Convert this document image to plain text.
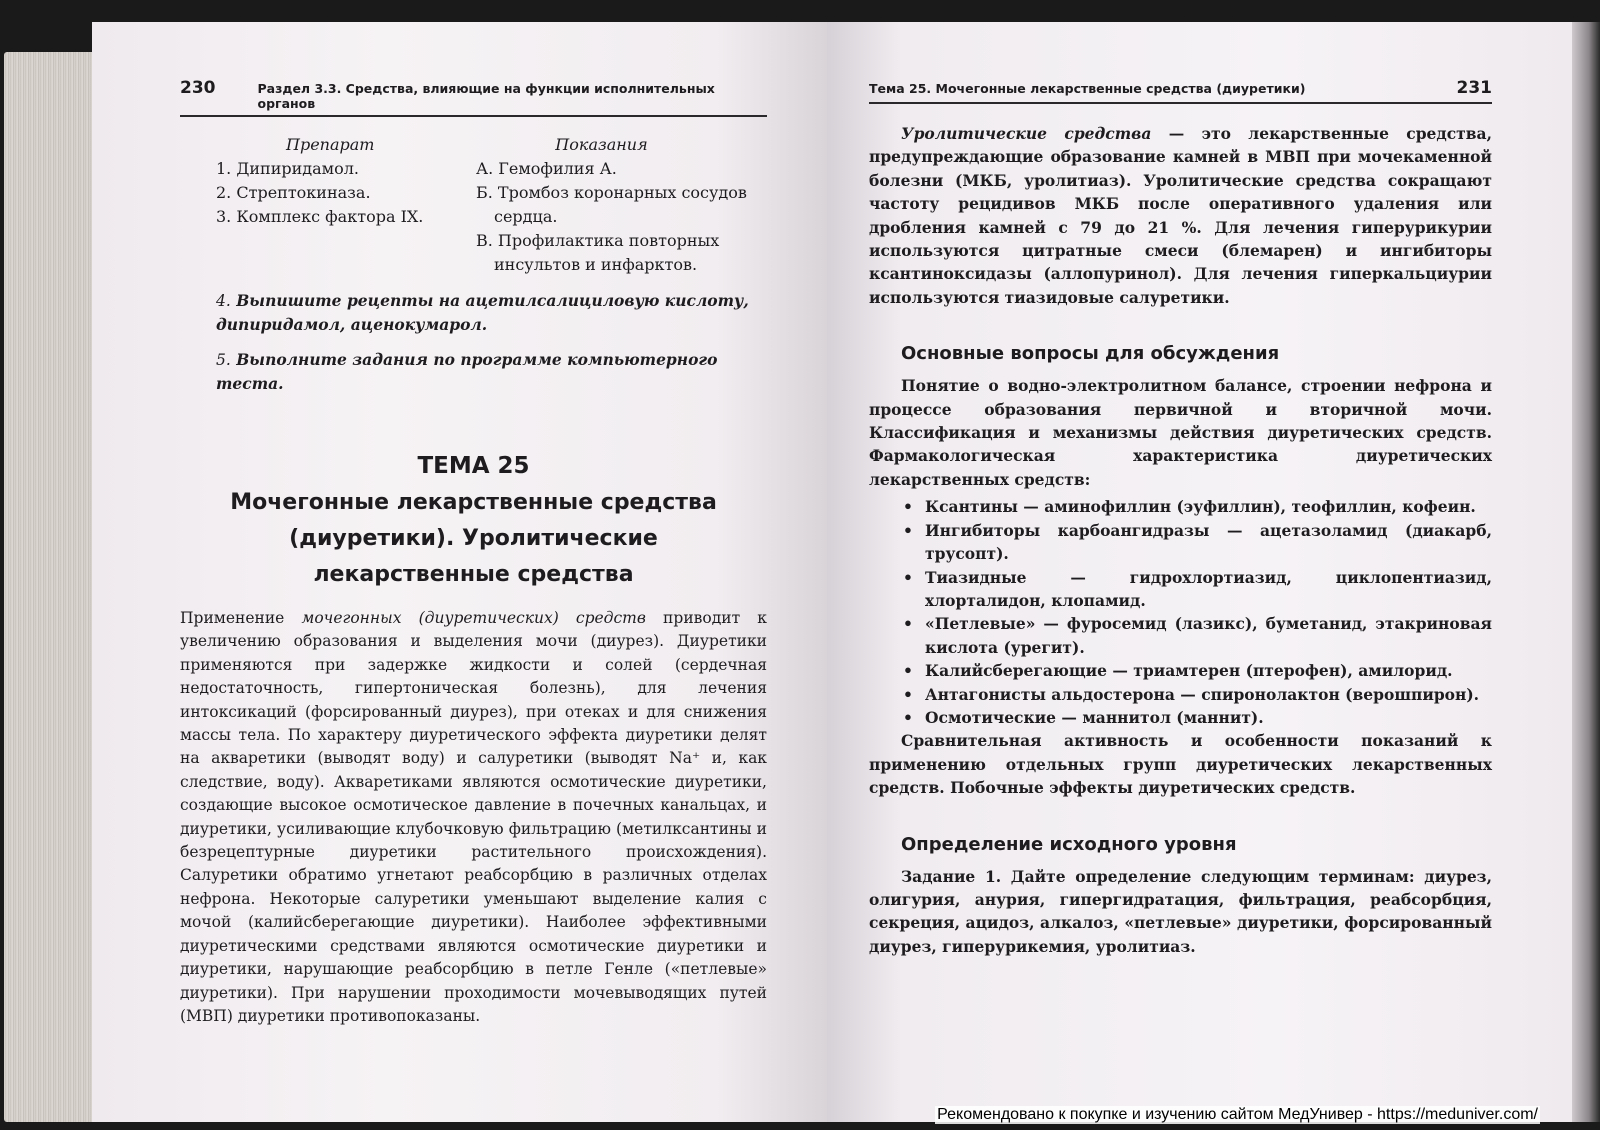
230	Раздел 3.3. Средства, влияющие на функции исполнительных органов
Препарат
1. Дипиридамол.
2. Стрептокиназа.
3. Комплекс фактора IX.
Показания
А. Гемофилия А.
Б. Тромбоз коронарных сосудов сердца.
В. Профилактика повторных инсультов и инфарктов.
4. Выпишите рецепты на ацетилсалициловую кислоту, дипиридамол, аценокумарол.
5. Выполните задания по программе компьютерного теста.
ТЕМА 25
Мочегонные лекарственные средства
(диуретики). Уролитические
лекарственные средства

Применение мочегонных (диуретических) средств приводит к увеличению образования и выделения мочи (диурез). Диуретики применяются при задержке жидкости и солей (сердечная недостаточность, гипертоническая болезнь), для лечения интоксикаций (форсированный диурез), при отеках и для снижения массы тела. По характеру диуретического эффекта диуретики делят на акваретики (выводят воду) и салуретики (выводят Na⁺ и, как следствие, воду). Акваретиками являются осмотические диуретики, создающие высокое осмотическое давление в почечных канальцах, и диуретики, усиливающие клубочковую фильтрацию (метилксантины и безрецептурные диуретики растительного происхождения). Салуретики обратимо угнетают реабсорбцию в различных отделах нефрона. Некоторые салуретики уменьшают выделение калия с мочой (калийсберегающие диуретики). Наиболее эффективными диуретическими средствами являются осмотические диуретики и диуретики, нарушающие реабсорбцию в петле Генле («петлевые» диуретики). При нарушении проходимости мочевыводящих путей (МВП) диуретики противопоказаны.

Тема 25. Мочегонные лекарственные средства (диуретики)	231

Уролитические средства — это лекарственные средства, предупреждающие образование камней в МВП при мочекаменной болезни (МКБ, уролитиаз). Уролитические средства сокращают частоту рецидивов МКБ после оперативного удаления или дробления камней с 79 до 21 %. Для лечения гиперурикурии используются цитратные смеси (блемарен) и ингибиторы ксантиноксидазы (аллопуринол). Для лечения гиперкальциурии используются тиазидовые салуретики.

Основные вопросы для обсуждения

Понятие о водно-электролитном балансе, строении нефрона и процессе образования первичной и вторичной мочи. Классификация и механизмы действия диуретических средств. Фармакологическая характеристика диуретических лекарственных средств:

• Ксантины — аминофиллин (эуфиллин), теофиллин, кофеин.
• Ингибиторы карбоангидразы — ацетазоламид (диакарб, трусопт).
• Тиазидные — гидрохлортиазид, циклопентиазид, хлорталидон, клопамид.
• «Петлевые» — фуросемид (лазикс), буметанид, этакриновая кислота (урегит).
• Калийсберегающие — триамтерен (птерофен), амилорид.
• Антагонисты альдостерона — спиронолактон (верошпирон).
• Осмотические — маннитол (маннит).

Сравнительная активность и особенности показаний к применению отдельных групп диуретических лекарственных средств. Побочные эффекты диуретических средств.

Определение исходного уровня

Задание 1. Дайте определение следующим терминам: диурез, олигурия, анурия, гипергидратация, фильтрация, реабсорбция, секреция, ацидоз, алкалоз, «петлевые» диуретики, форсированный диурез, гиперурикемия, уролитиаз.

Рекомендовано к покупке и изучению сайтом МедУнивер - https://meduniver.com/
